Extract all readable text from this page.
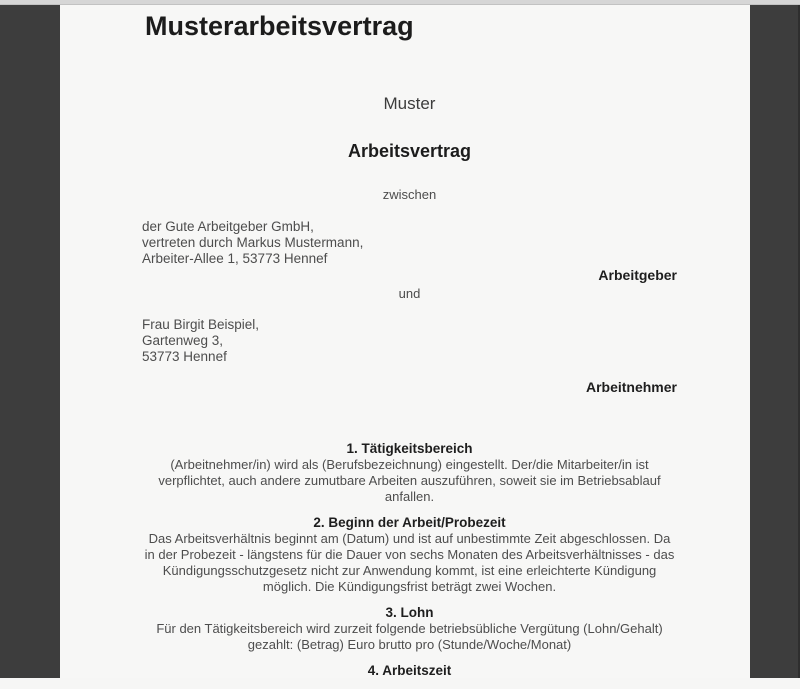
Musterarbeitsvertrag
Muster
Arbeitsvertrag
zwischen
der Gute Arbeitgeber GmbH,
vertreten durch Markus Mustermann,
Arbeiter-Allee 1, 53773 Hennef
Arbeitgeber
und
Frau Birgit Beispiel,
Gartenweg 3,
53773 Hennef
Arbeitnehmer
1. Tätigkeitsbereich
(Arbeitnehmer/in) wird als (Berufsbezeichnung) eingestellt. Der/die Mitarbeiter/in ist
verpflichtet, auch andere zumutbare Arbeiten auszuführen, soweit sie im Betriebsablauf
anfallen.
2. Beginn der Arbeit/Probezeit
Das Arbeitsverhältnis beginnt am (Datum) und ist auf unbestimmte Zeit abgeschlossen. Da
in der Probezeit - längstens für die Dauer von sechs Monaten des Arbeitsverhältnisses - das
Kündigungsschutzgesetz nicht zur Anwendung kommt, ist eine erleichterte Kündigung
möglich. Die Kündigungsfrist beträgt zwei Wochen.
3. Lohn
Für den Tätigkeitsbereich wird zurzeit folgende betriebsübliche Vergütung (Lohn/Gehalt)
gezahlt: (Betrag) Euro brutto pro (Stunde/Woche/Monat)
4. Arbeitszeit
